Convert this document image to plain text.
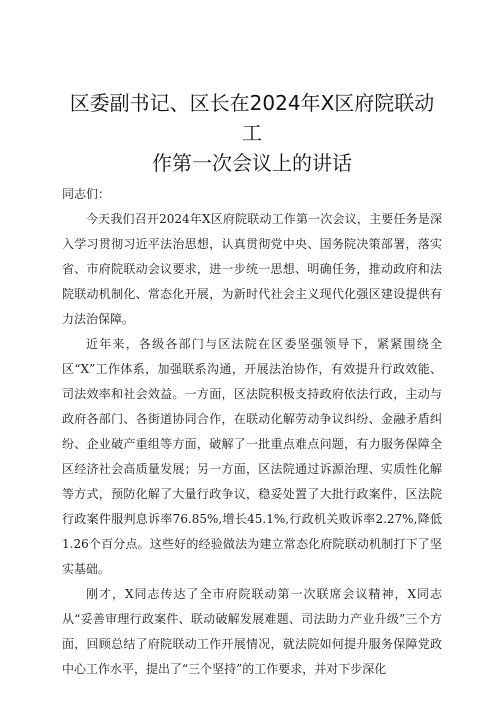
区委副书记、区长在2024年X区府院联动工
作第一次会议上的讲话

同志们：

今天我们召开2024年X区府院联动工作第一次会议，主要任务是深入学习贯彻习近平法治思想，认真贯彻党中央、国务院决策部署，落实省、市府院联动会议要求，进一步统一思想、明确任务，推动政府和法院联动机制化、常态化开展，为新时代社会主义现代化强区建设提供有力法治保障。

近年来，各级各部门与区法院在区委坚强领导下，紧紧围绕全区“X”工作体系，加强联系沟通，开展法治协作，有效提升行政效能、司法效率和社会效益。一方面，区法院积极支持政府依法行政，主动与政府各部门、各街道协同合作，在联动化解劳动争议纠纷、金融矛盾纠纷、企业破产重组等方面，破解了一批重点难点问题，有力服务保障全区经济社会高质量发展；另一方面，区法院通过诉源治理、实质性化解等方式，预防化解了大量行政争议，稳妥处置了大批行政案件，区法院行政案件服判息诉率76.85%,增长45.1%,行政机关败诉率2.27%,降低1.26个百分点。这些好的经验做法为建立常态化府院联动机制打下了坚实基础。

刚才，X同志传达了全市府院联动第一次联席会议精神，X同志从“妥善审理行政案件、联动破解发展难题、司法助力产业升级”三个方面，回顾总结了府院联动工作开展情况，就法院如何提升服务保障党政中心工作水平，提出了“三个坚持”的工作要求，并对下步深化
